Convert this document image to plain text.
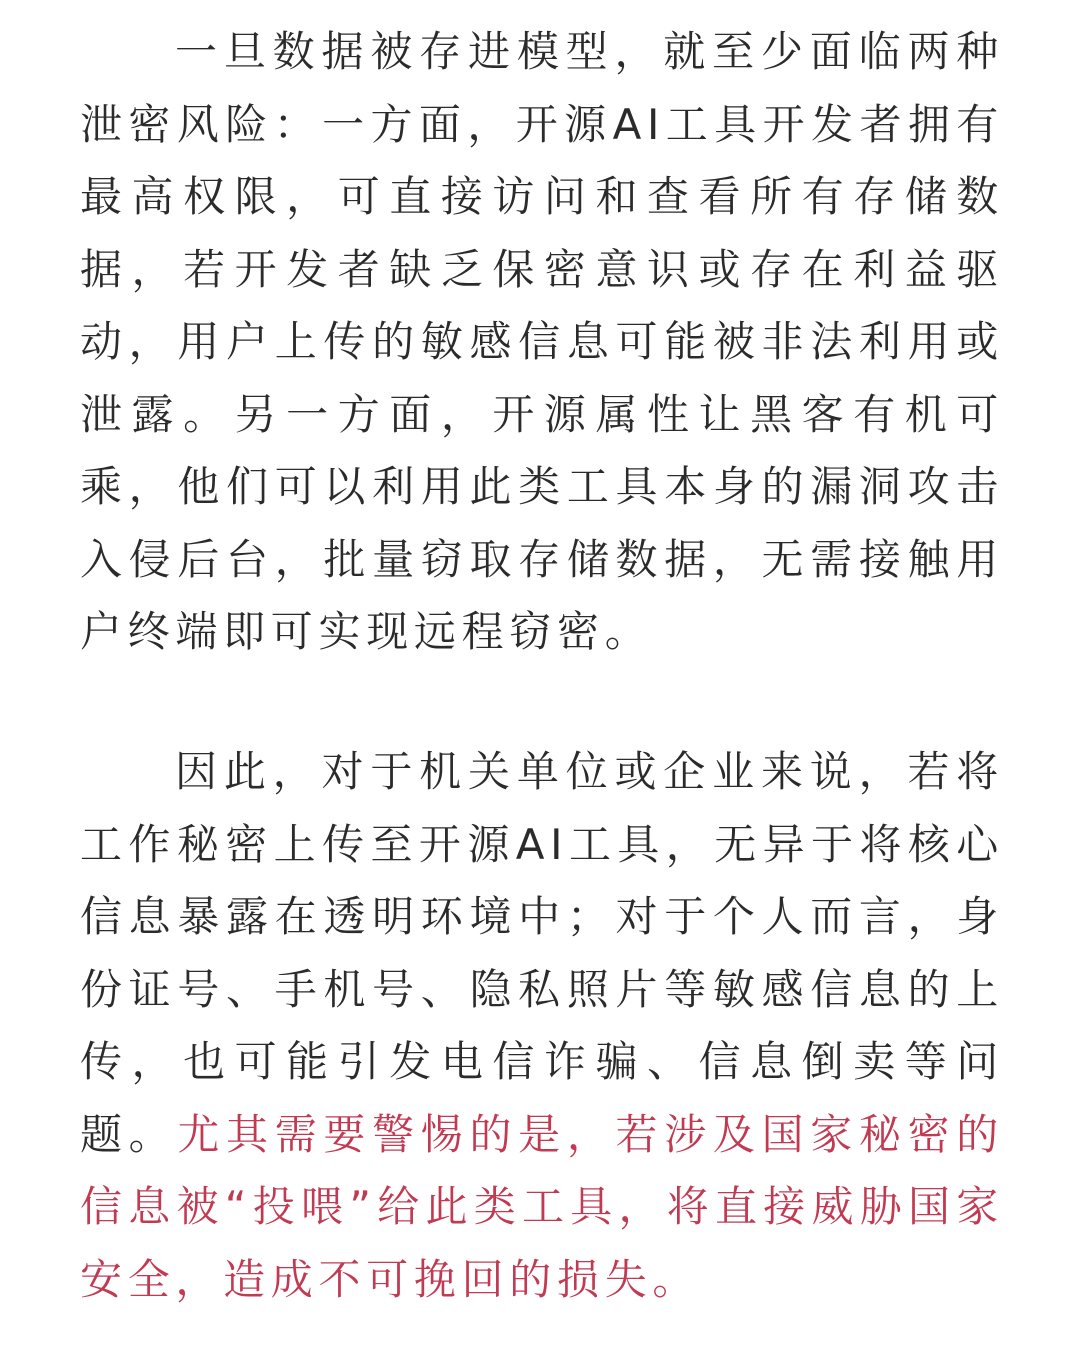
一旦数据被存进模型，就至少面临两种泄密风险：一方面，开源AI工具开发者拥有最高权限，可直接访问和查看所有存储数据，若开发者缺乏保密意识或存在利益驱动，用户上传的敏感信息可能被非法利用或泄露。另一方面，开源属性让黑客有机可乘，他们可以利用此类工具本身的漏洞攻击入侵后台，批量窃取存储数据，无需接触用户终端即可实现远程窃密。

因此，对于机关单位或企业来说，若将工作秘密上传至开源AI工具，无异于将核心信息暴露在透明环境中；对于个人而言，身份证号、手机号、隐私照片等敏感信息的上传，也可能引发电信诈骗、信息倒卖等问题。尤其需要警惕的是，若涉及国家秘密的信息被“投喂”给此类工具，将直接威胁国家安全，造成不可挽回的损失。
